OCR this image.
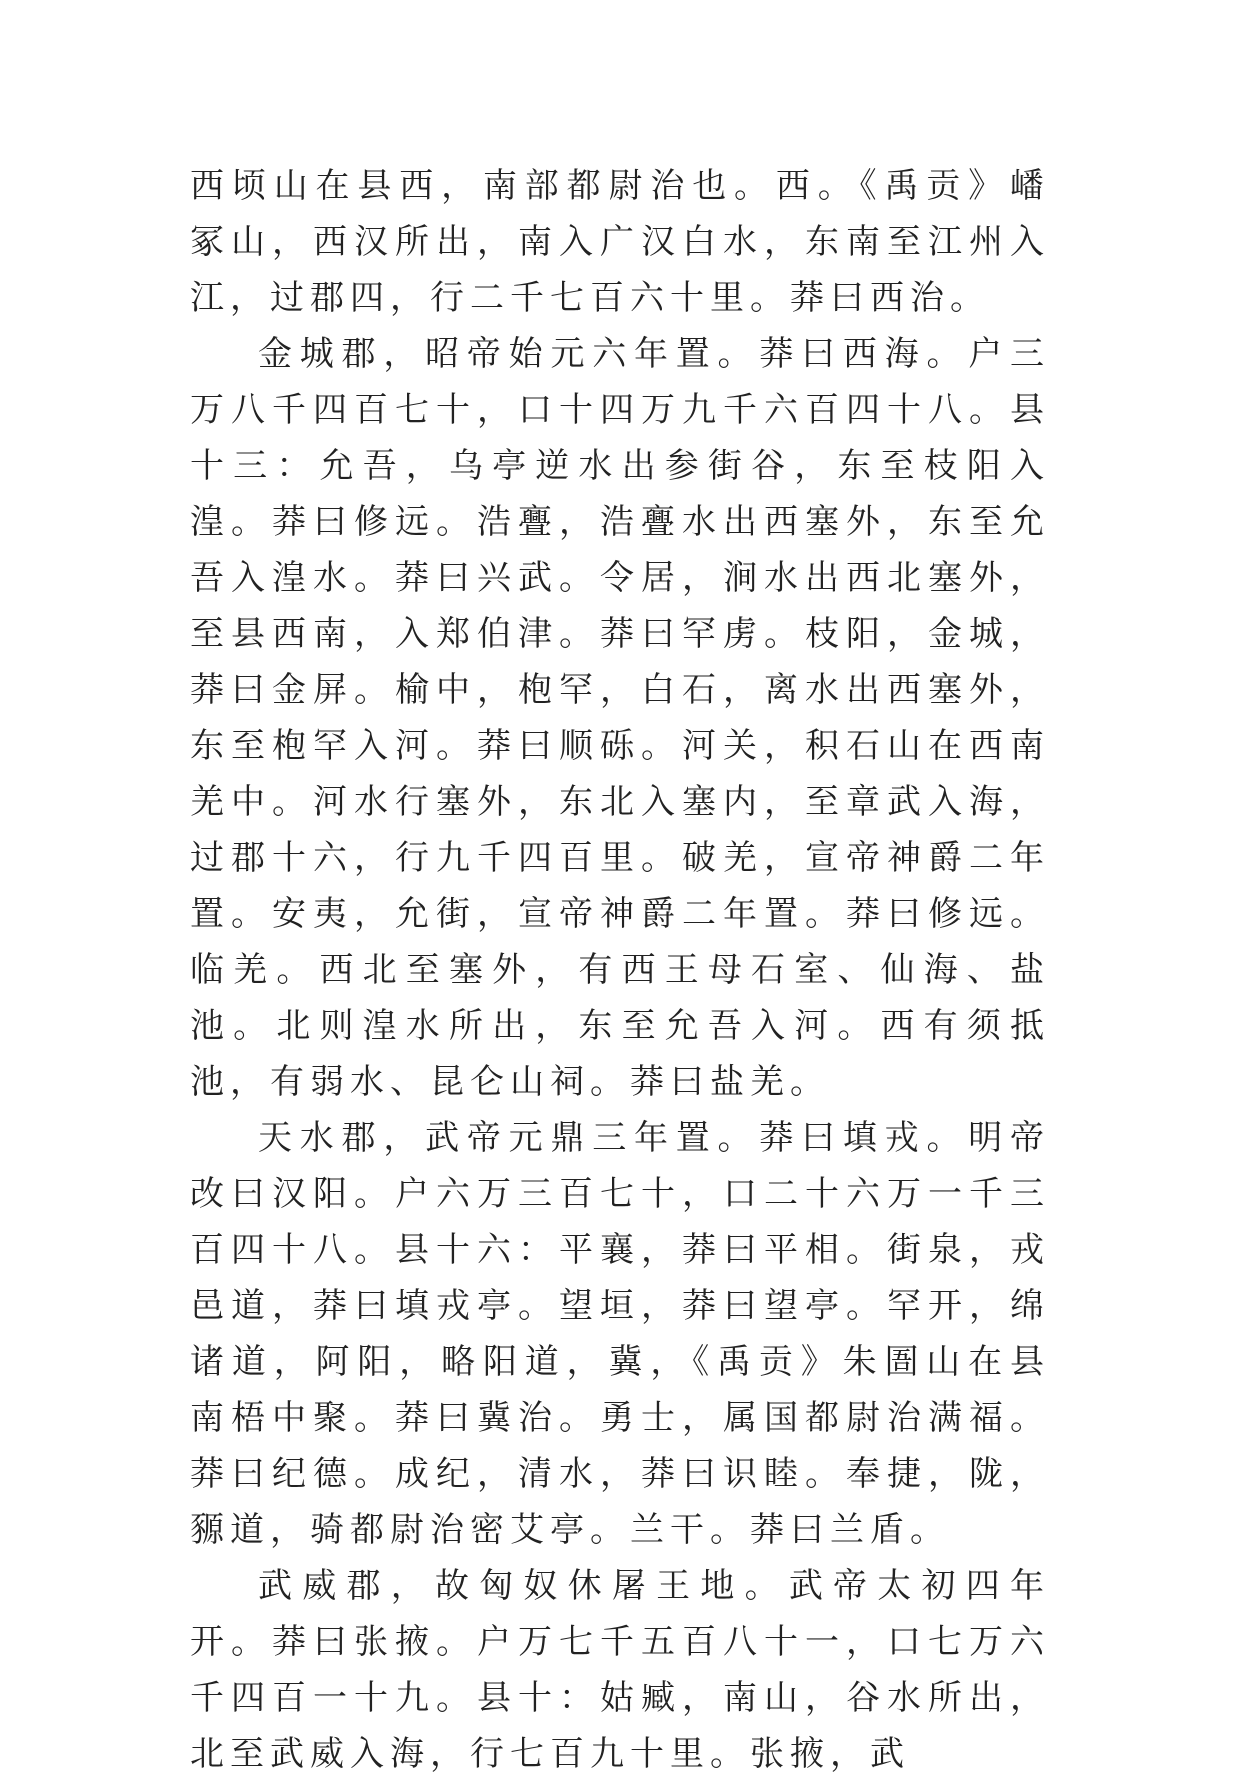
西顷山在县西，南部都尉治也。西。《禹贡》嶓冢山，西汉所出，南入广汉白水，东南至江州入江，过郡四，行二千七百六十里。莽曰西治。

金城郡，昭帝始元六年置。莽曰西海。户三万八千四百七十，口十四万九千六百四十八。县十三：允吾，乌亭逆水出参街谷，东至枝阳入湟。莽曰修远。浩亹，浩亹水出西塞外，东至允吾入湟水。莽曰兴武。令居，涧水出西北塞外，至县西南，入郑伯津。莽曰罕虏。枝阳，金城，莽曰金屏。榆中，枹罕，白石，离水出西塞外，东至枹罕入河。莽曰顺砾。河关，积石山在西南羌中。河水行塞外，东北入塞内，至章武入海，过郡十六，行九千四百里。破羌，宣帝神爵二年置。安夷，允街，宣帝神爵二年置。莽曰修远。临羌。西北至塞外，有西王母石室、仙海、盐池。北则湟水所出，东至允吾入河。西有须抵池，有弱水、昆仑山祠。莽曰盐羌。

天水郡，武帝元鼎三年置。莽曰填戎。明帝改曰汉阳。户六万三百七十，口二十六万一千三百四十八。县十六：平襄，莽曰平相。街泉，戎邑道，莽曰填戎亭。望垣，莽曰望亭。罕开，绵诸道，阿阳，略阳道，冀，《禹贡》朱圄山在县南梧中聚。莽曰冀治。勇士，属国都尉治满福。莽曰纪德。成纪，清水，莽曰识睦。奉捷，陇，豲道，骑都尉治密艾亭。兰干。莽曰兰盾。

武威郡，故匈奴休屠王地。武帝太初四年开。莽曰张掖。户万七千五百八十一，口七万六千四百一十九。县十：姑臧，南山，谷水所出，北至武威入海，行七百九十里。张掖，武
